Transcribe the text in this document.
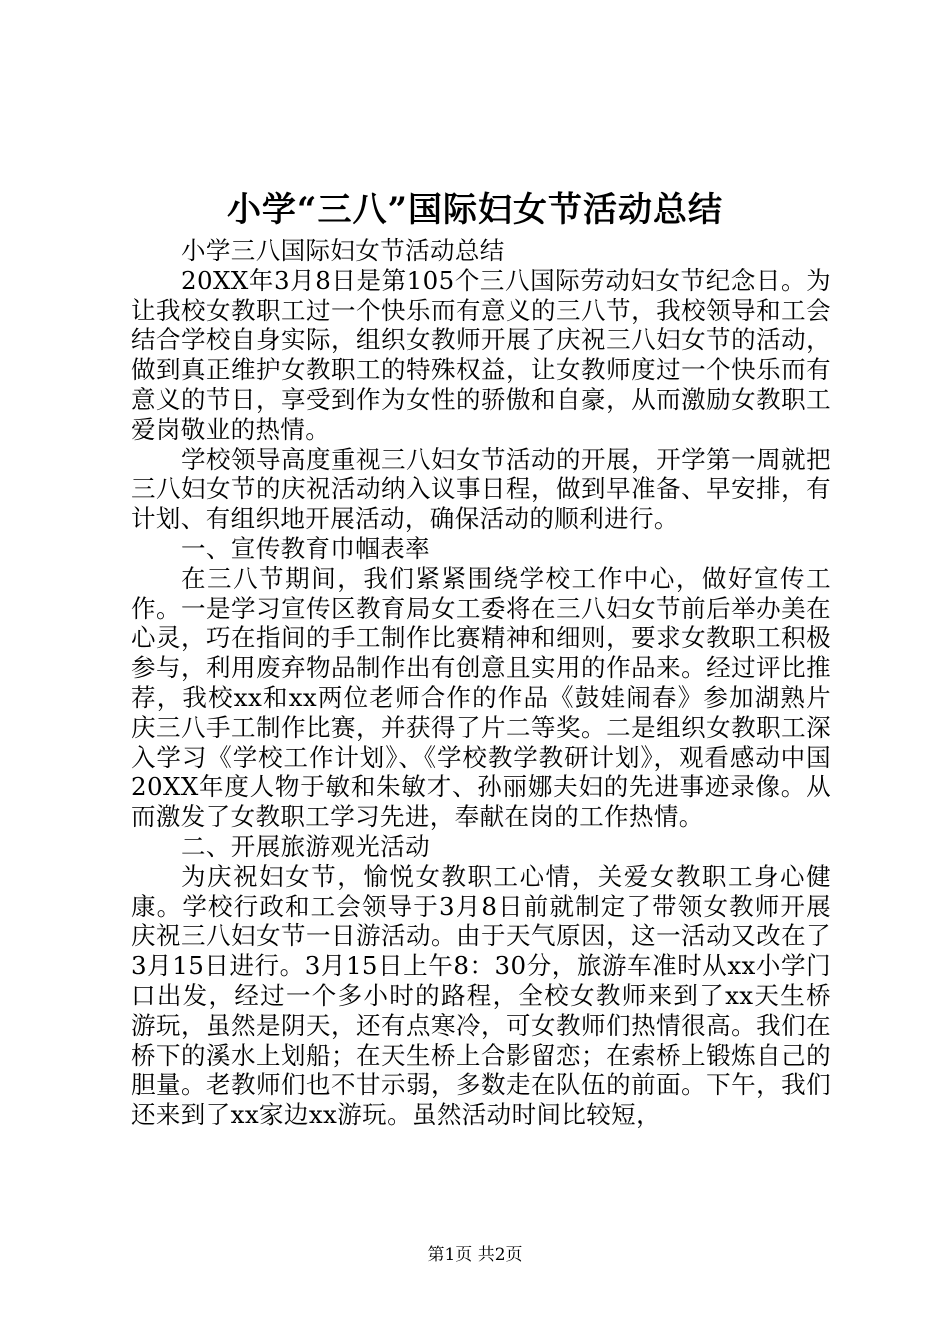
小学“三八”国际妇女节活动总结

小学三八国际妇女节活动总结

20XX年3月8日是第105个三八国际劳动妇女节纪念日。为让我校女教职工过一个快乐而有意义的三八节，我校领导和工会结合学校自身实际，组织女教师开展了庆祝三八妇女节的活动，做到真正维护女教职工的特殊权益，让女教师度过一个快乐而有意义的节日，享受到作为女性的骄傲和自豪，从而激励女教职工爱岗敬业的热情。

学校领导高度重视三八妇女节活动的开展，开学第一周就把三八妇女节的庆祝活动纳入议事日程，做到早准备、早安排，有计划、有组织地开展活动，确保活动的顺利进行。

一、宣传教育巾帼表率

在三八节期间，我们紧紧围绕学校工作中心，做好宣传工作。一是学习宣传区教育局女工委将在三八妇女节前后举办美在心灵，巧在指间的手工制作比赛精神和细则，要求女教职工积极参与，利用废弃物品制作出有创意且实用的作品来。经过评比推荐，我校xx和xx两位老师合作的作品《鼓娃闹春》参加湖熟片庆三八手工制作比赛，并获得了片二等奖。二是组织女教职工深入学习《学校工作计划》、《学校教学教研计划》，观看感动中国20XX年度人物于敏和朱敏才、孙丽娜夫妇的先进事迹录像。从而激发了女教职工学习先进，奉献在岗的工作热情。

二、开展旅游观光活动

为庆祝妇女节，愉悦女教职工心情，关爱女教职工身心健康。学校行政和工会领导于3月8日前就制定了带领女教师开展庆祝三八妇女节一日游活动。由于天气原因，这一活动又改在了3月15日进行。3月15日上午8：30分，旅游车准时从xx小学门口出发，经过一个多小时的路程，全校女教师来到了xx天生桥游玩，虽然是阴天，还有点寒冷，可女教师们热情很高。我们在桥下的溪水上划船；在天生桥上合影留恋；在索桥上锻炼自己的胆量。老教师们也不甘示弱，多数走在队伍的前面。下午，我们还来到了xx家边xx游玩。虽然活动时间比较短，

第1页 共2页
